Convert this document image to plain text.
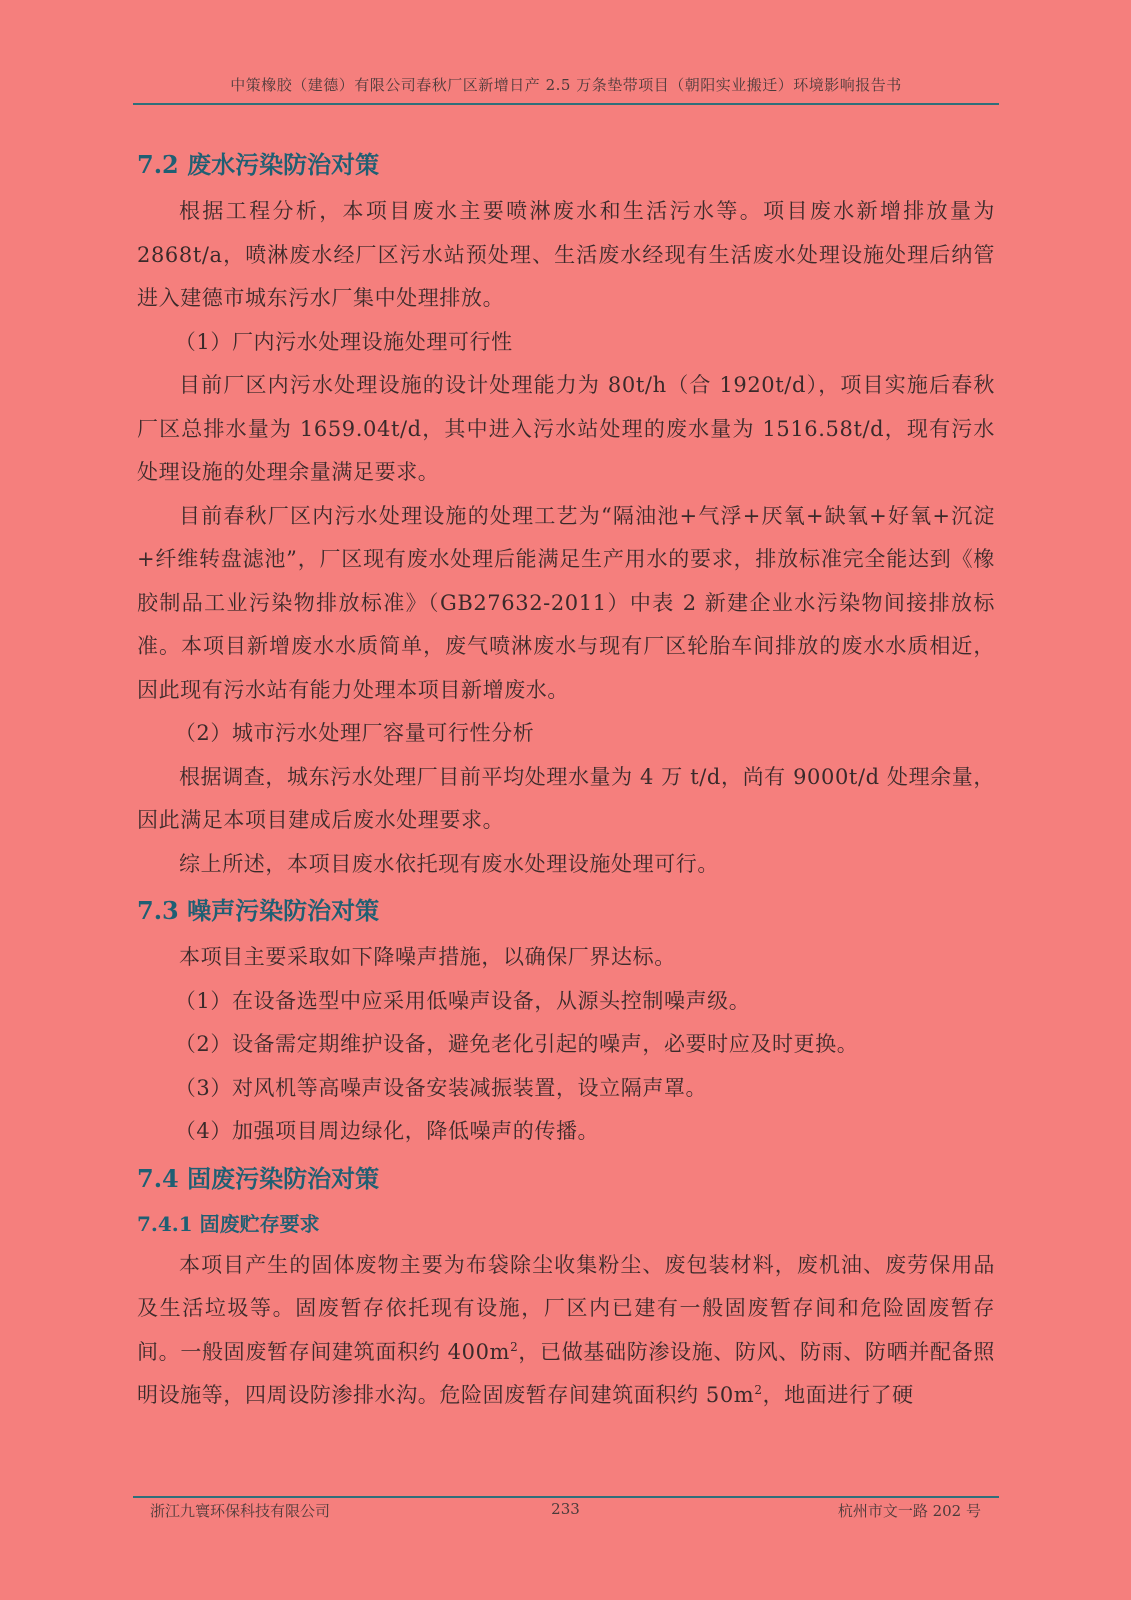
中策橡胶（建德）有限公司春秋厂区新增日产 2.5 万条垫带项目（朝阳实业搬迁）环境影响报告书
7.2 废水污染防治对策

根据工程分析，本项目废水主要喷淋废水和生活污水等。项目废水新增排放量为2868t/a，喷淋废水经厂区污水站预处理、生活废水经现有生活废水处理设施处理后纳管进入建德市城东污水厂集中处理排放。

（1）厂内污水处理设施处理可行性

目前厂区内污水处理设施的设计处理能力为 80t/h（合 1920t/d），项目实施后春秋厂区总排水量为 1659.04t/d，其中进入污水站处理的废水量为 1516.58t/d，现有污水处理设施的处理余量满足要求。

目前春秋厂区内污水处理设施的处理工艺为“隔油池+气浮+厌氧+缺氧+好氧+沉淀+纤维转盘滤池”，厂区现有废水处理后能满足生产用水的要求，排放标准完全能达到《橡胶制品工业污染物排放标准》（GB27632-2011）中表 2 新建企业水污染物间接排放标准。本项目新增废水水质简单，废气喷淋废水与现有厂区轮胎车间排放的废水水质相近，因此现有污水站有能力处理本项目新增废水。

（2）城市污水处理厂容量可行性分析

根据调查，城东污水处理厂目前平均处理水量为 4 万 t/d，尚有 9000t/d 处理余量，因此满足本项目建成后废水处理要求。

综上所述，本项目废水依托现有废水处理设施处理可行。

7.3 噪声污染防治对策

本项目主要采取如下降噪声措施，以确保厂界达标。

（1）在设备选型中应采用低噪声设备，从源头控制噪声级。

（2）设备需定期维护设备，避免老化引起的噪声，必要时应及时更换。

（3）对风机等高噪声设备安装减振装置，设立隔声罩。

（4）加强项目周边绿化，降低噪声的传播。

7.4 固废污染防治对策
7.4.1 固废贮存要求

本项目产生的固体废物主要为布袋除尘收集粉尘、废包装材料，废机油、废劳保用品及生活垃圾等。固废暂存依托现有设施，厂区内已建有一般固废暂存间和危险固废暂存间。一般固废暂存间建筑面积约 $400m^2$，已做基础防渗设施、防风、防雨、防晒并配备照明设施等，四周设防渗排水沟。危险固废暂存间建筑面积约 $50m^2$，地面进行了硬

浙江九寰环保科技有限公司	233	杭州市文一路 202 号
